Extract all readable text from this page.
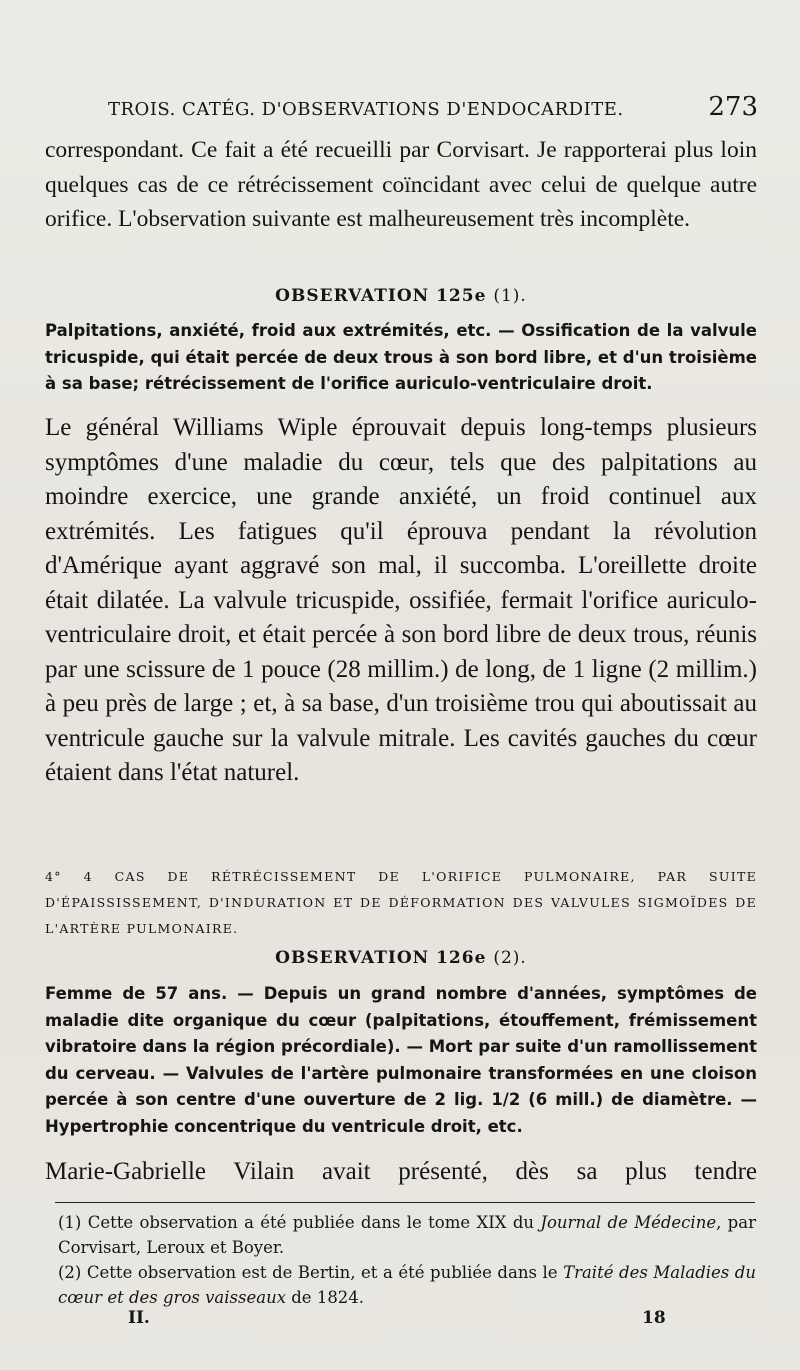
TROIS. CATÉG. D'OBSERVATIONS D'ENDOCARDITE.	273

correspondant. Ce fait a été recueilli par Corvisart. Je rapporterai plus loin quelques cas de ce rétrécissement coïncidant avec celui de quelque autre orifice. L'observation suivante est malheureusement très incomplète.

OBSERVATION 125e (1).

Palpitations, anxiété, froid aux extrémités, etc. — Ossification de la valvule tricuspide, qui était percée de deux trous à son bord libre, et d'un troisième à sa base; rétrécissement de l'orifice auriculo-ventriculaire droit.

Le général Williams Wiple éprouvait depuis long-temps plusieurs symptômes d'une maladie du cœur, tels que des palpitations au moindre exercice, une grande anxiété, un froid continuel aux extrémités. Les fatigues qu'il éprouva pendant la révolution d'Amérique ayant aggravé son mal, il succomba. L'oreillette droite était dilatée. La valvule tricuspide, ossifiée, fermait l'orifice auriculo-ventriculaire droit, et était percée à son bord libre de deux trous, réunis par une scissure de 1 pouce (28 millim.) de long, de 1 ligne (2 millim.) à peu près de large ; et, à sa base, d'un troisième trou qui aboutissait au ventricule gauche sur la valvule mitrale. Les cavités gauches du cœur étaient dans l'état naturel.

4° 4 CAS DE RÉTRÉCISSEMENT DE L'ORIFICE PULMONAIRE, PAR SUITE D'ÉPAISSISSEMENT, D'INDURATION ET DE DÉFORMATION DES VALVULES SIGMOÏDES DE L'ARTÈRE PULMONAIRE.

OBSERVATION 126e (2).

Femme de 57 ans. — Depuis un grand nombre d'années, symptômes de maladie dite organique du cœur (palpitations, étouffement, frémissement vibratoire dans la région précordiale). — Mort par suite d'un ramollissement du cerveau. — Valvules de l'artère pulmonaire transformées en une cloison percée à son centre d'une ouverture de 2 lig. 1/2 (6 mill.) de diamètre. — Hypertrophie concentrique du ventricule droit, etc.

Marie-Gabrielle Vilain avait présenté, dès sa plus tendre

(1) Cette observation a été publiée dans le tome XIX du Journal de Médecine, par Corvisart, Leroux et Boyer.

(2) Cette observation est de Bertin, et a été publiée dans le Traité des Maladies du cœur et des gros vaisseaux de 1824.

II.	18
